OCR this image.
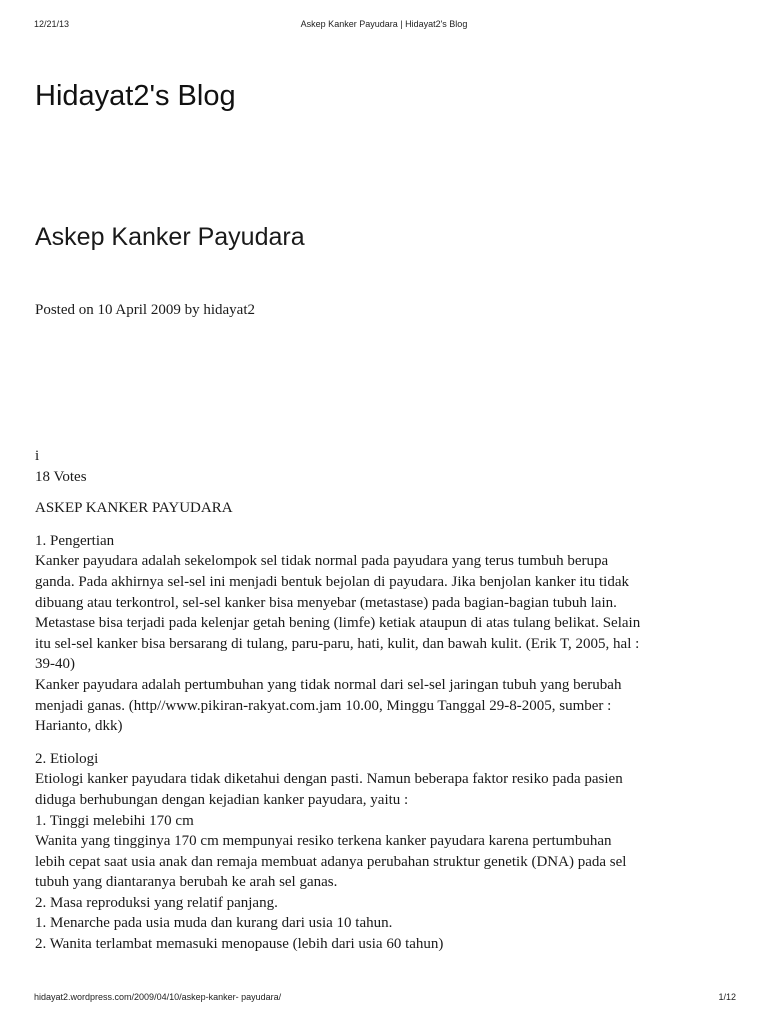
Askep Kanker Payudara | Hidayat2's Blog
12/21/13
Hidayat2's Blog
Askep Kanker Payudara
Posted on 10 April 2009 by hidayat2
i
18 Votes
ASKEP KANKER PAYUDARA
1. Pengertian
Kanker payudara adalah sekelompok sel tidak normal pada payudara yang terus tumbuh berupa
ganda. Pada akhirnya sel-sel ini menjadi bentuk bejolan di payudara. Jika benjolan kanker itu tidak
dibuang atau terkontrol, sel-sel kanker bisa menyebar (metastase) pada bagian-bagian tubuh lain.
Metastase bisa terjadi pada kelenjar getah bening (limfe) ketiak ataupun di atas tulang belikat. Selain
itu sel-sel kanker bisa bersarang di tulang, paru-paru, hati, kulit, dan bawah kulit. (Erik T, 2005, hal :
39-40)
Kanker payudara adalah pertumbuhan yang tidak normal dari sel-sel jaringan tubuh yang berubah
menjadi ganas. (http//www.pikiran-rakyat.com.jam 10.00, Minggu Tanggal 29-8-2005, sumber :
Harianto, dkk)
2. Etiologi
Etiologi kanker payudara tidak diketahui dengan pasti. Namun beberapa faktor resiko pada pasien
diduga berhubungan dengan kejadian kanker payudara, yaitu :
1. Tinggi melebihi 170 cm
Wanita yang tingginya 170 cm mempunyai resiko terkena kanker payudara karena pertumbuhan
lebih cepat saat usia anak dan remaja membuat adanya perubahan struktur genetik (DNA) pada sel
tubuh yang diantaranya berubah ke arah sel ganas.
2. Masa reproduksi yang relatif panjang.
1. Menarche pada usia muda dan kurang dari usia 10 tahun.
2. Wanita terlambat memasuki menopause (lebih dari usia 60 tahun)
hidayat2.wordpress.com/2009/04/10/askep-kanker- payudara/	1/12
